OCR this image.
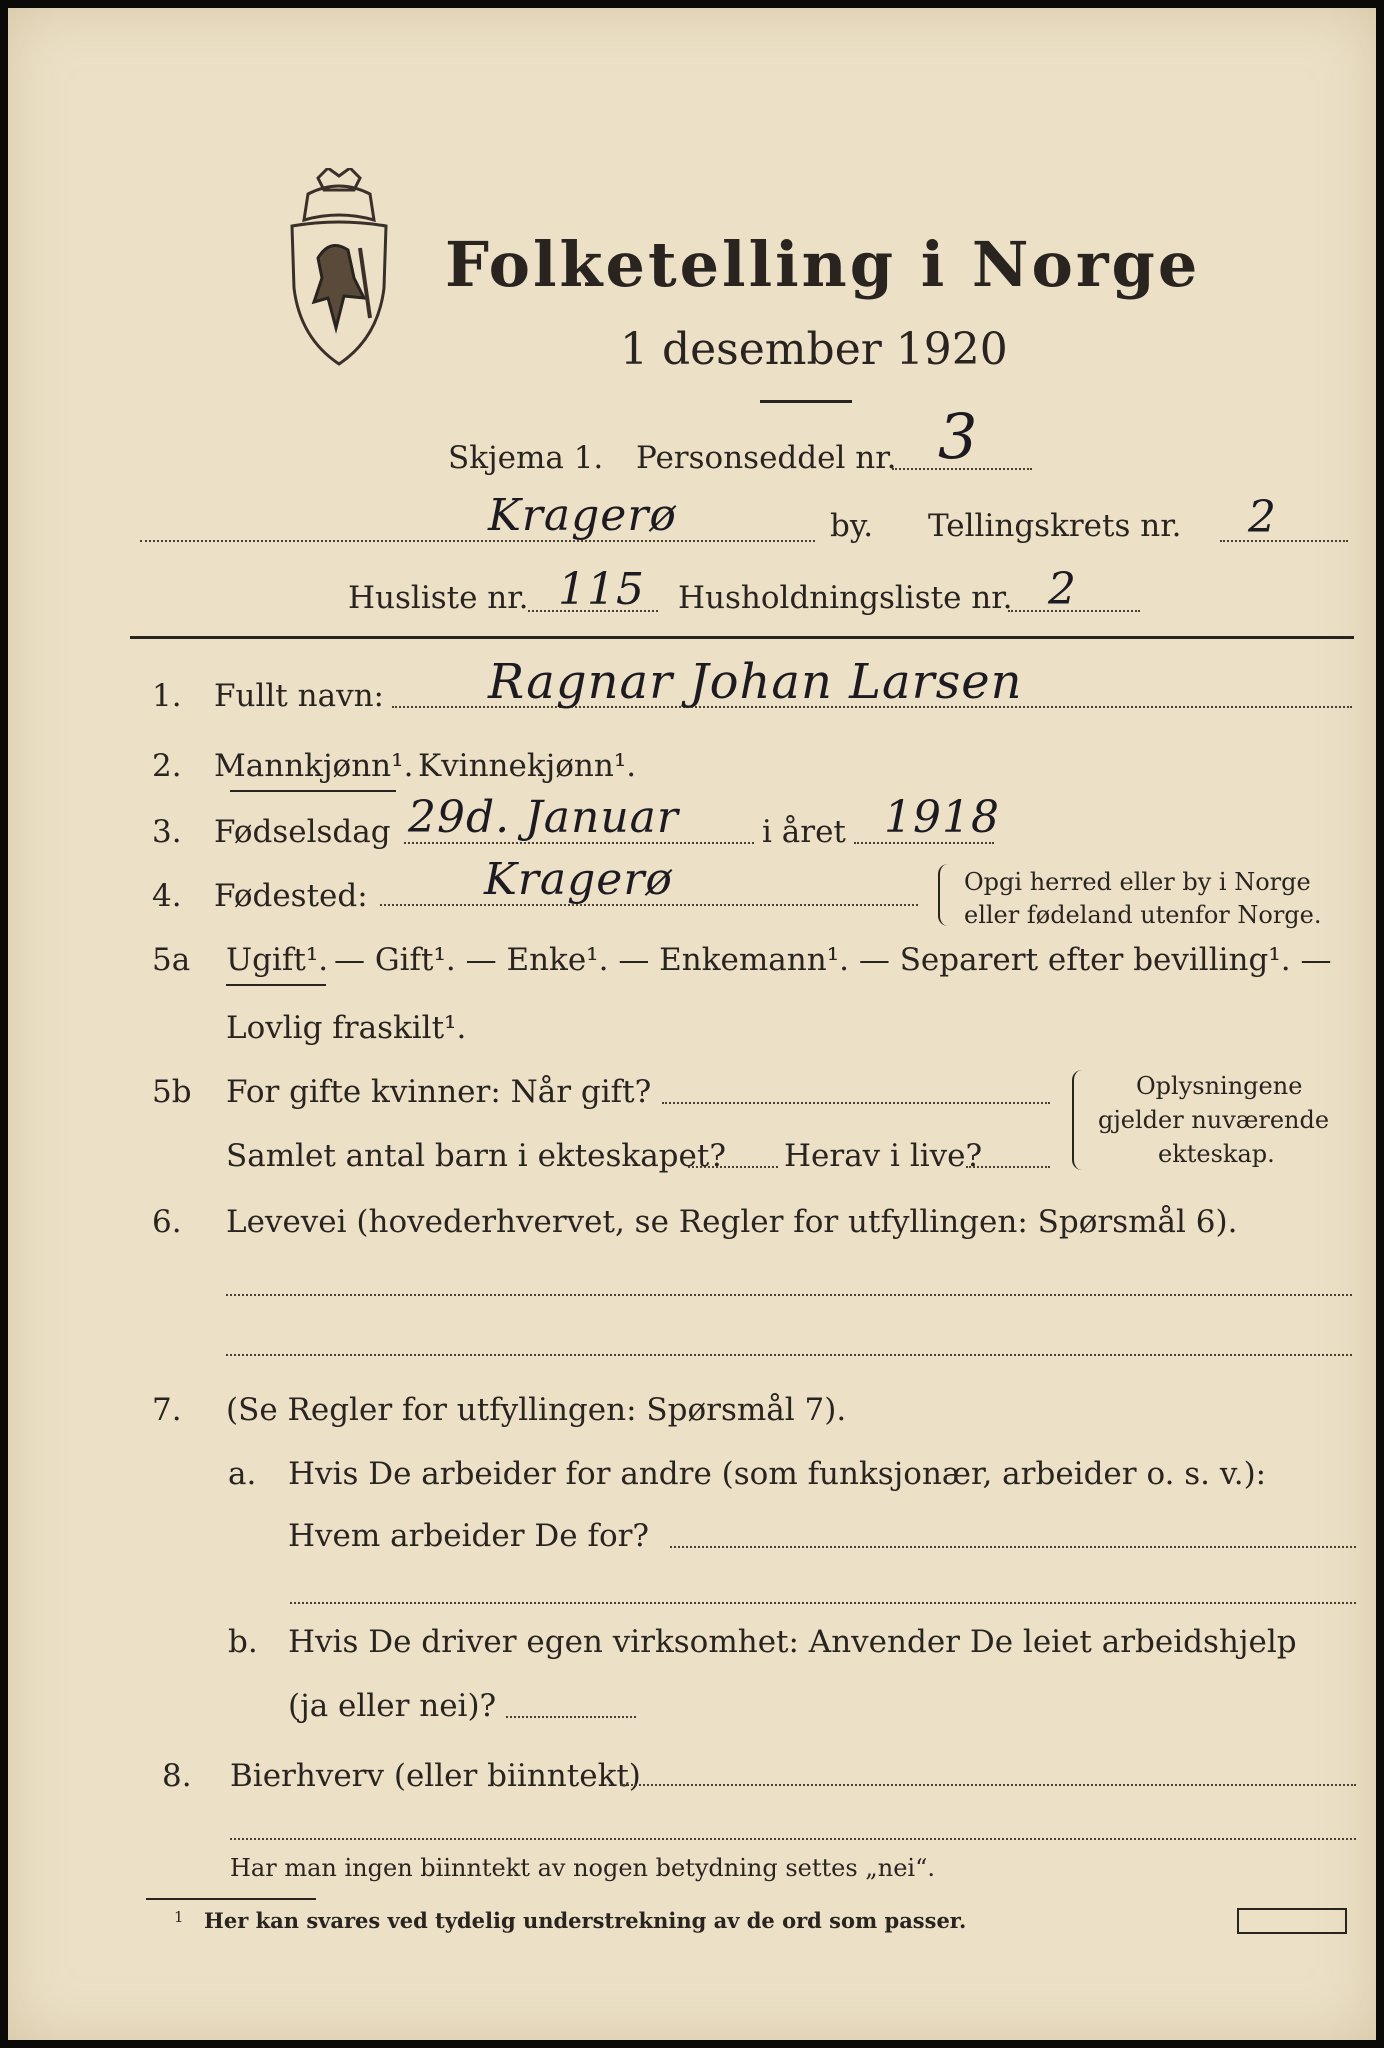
Folketelling i Norge
1 desember 1920
Skjema 1. Personseddel nr. 3
Kragerø	by. Tellingskrets nr. 2
Husliste nr. 115 Husholdningsliste nr. 2
1. Fullt navn: Ragnar Johan Larsen
2. Mannkjønn¹. Kvinnekjønn¹.
3. Fødselsdag 29d. Januar	i året 1918
4. Fødested:	Kragerø	Opgi herred eller by i Norge
eller fødeland utenfor Norge.
5a Ugift¹. — Gift¹. — Enke¹. — Enkemann¹. — Separert efter bevilling¹. —
Lovlig fraskilt¹.
5b For gifte kvinner: Når gift?
Samlet antal barn i ekteskapet? Herav i live?
Oplysningene
gjelder nuværende
ekteskap.
6. Levevei (hovederhvervet, se Regler for utfyllingen: Spørsmål 6).
7. (Se Regler for utfyllingen: Spørsmål 7).
a. Hvis De arbeider for andre (som funksjonær, arbeider o. s. v.):
Hvem arbeider De for?
b. Hvis De driver egen virksomhet: Anvender De leiet arbeidshjelp
(ja eller nei)?
8. Bierhverv (eller biinntekt)
Har man ingen biinntekt av nogen betydning settes „nei“.
1 Her kan svares ved tydelig understrekning av de ord som passer.
